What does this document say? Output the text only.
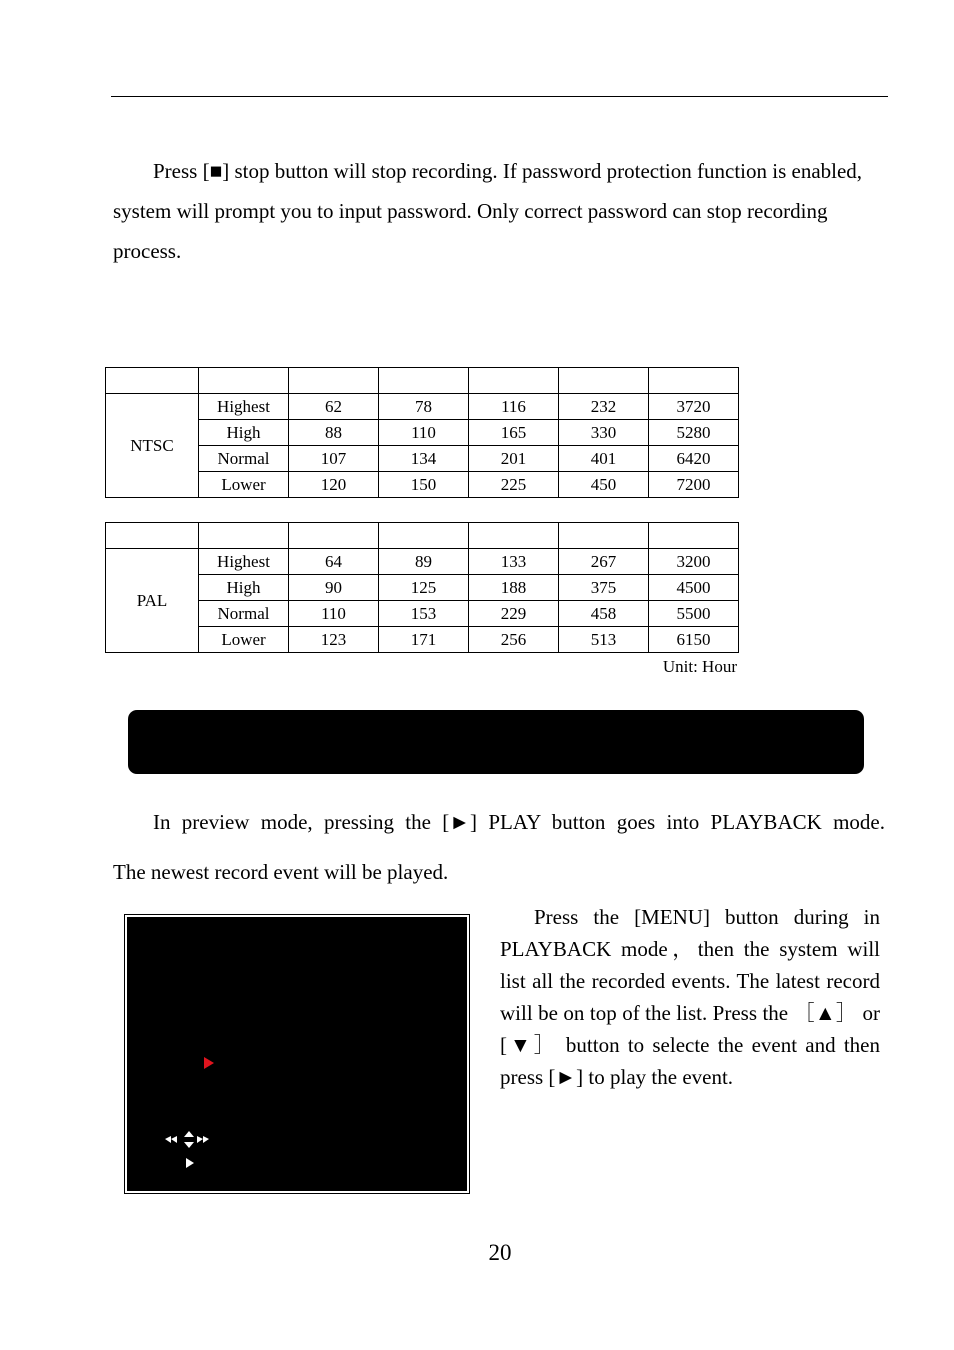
Press [■] stop button will stop recording. If password protection function is enabled, system will prompt you to input password. Only correct password can stop recording process.

NTSC	Highest	62	78	116	232	3720
	High	88	110	165	330	5280
	Normal	107	134	201	401	6420
	Lower	120	150	225	450	7200

PAL	Highest	64	89	133	267	3200
	High	90	125	188	375	4500
	Normal	110	153	229	458	5500
	Lower	123	171	256	513	6150
Unit: Hour

In preview mode, pressing the [►] PLAY button goes into PLAYBACK mode.
The newest record event will be played.

Press the [MENU] button during in PLAYBACK mode，then the system will list all the recorded events. The latest record will be on top of the list. Press the ［▲］ or [▼］ button to selecte the event and then press [►] to play the event.

20
